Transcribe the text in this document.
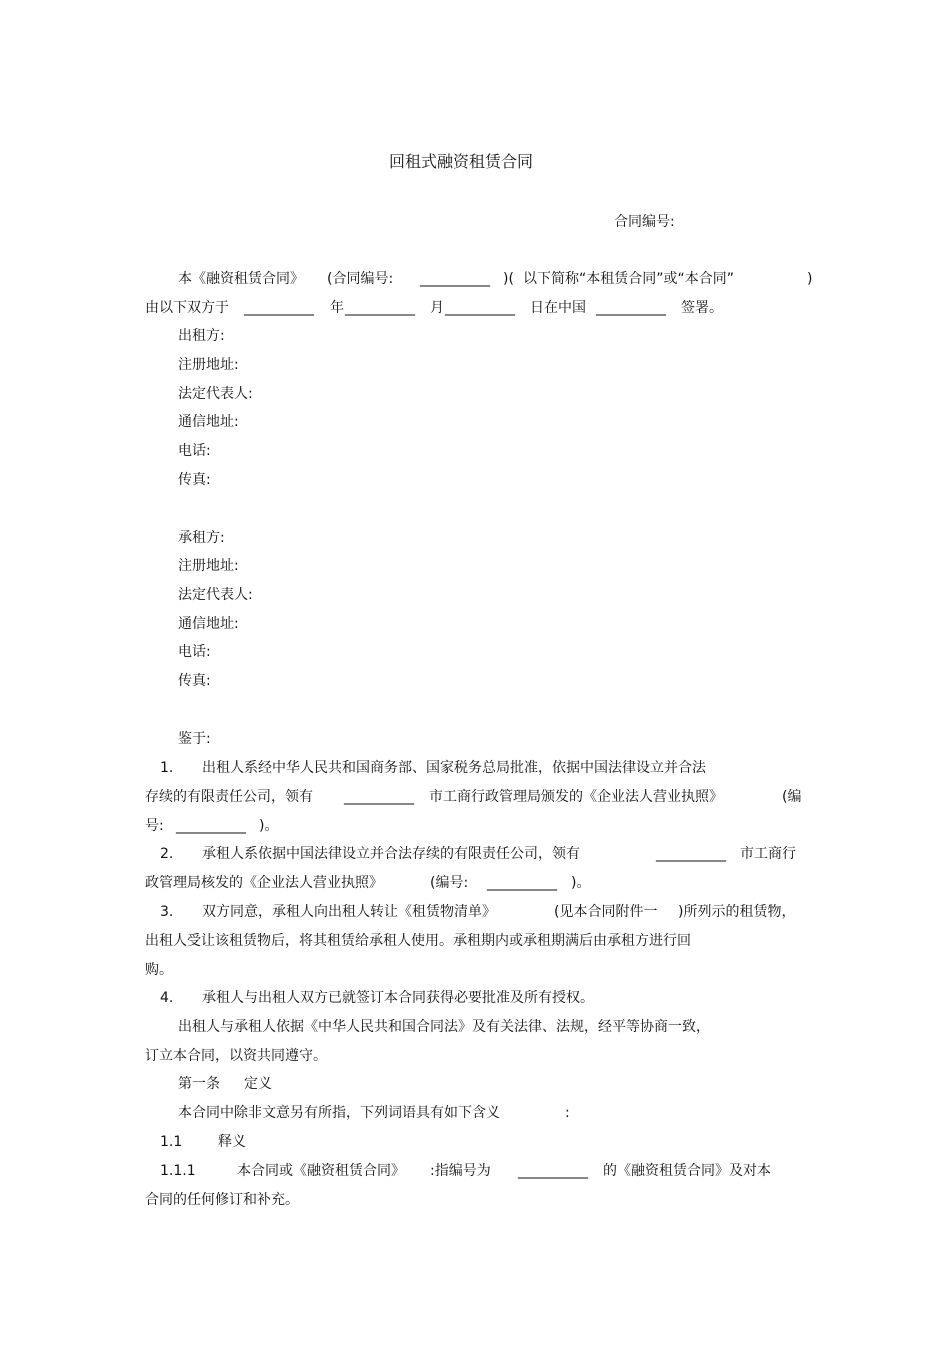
回租式融资租赁合同
合同编号:
本《融资租赁合同》 (合同编号: __________ )( 以下简称“本租赁合同”或“本合同”	)
由以下双方于 __________ 年 __________ 月 __________ 日在中国 __________ 签署。
出租方:
注册地址:
法定代表人:
通信地址:
电话:
传真:
承租方:
注册地址:
法定代表人:
通信地址:
电话:
传真:
鉴于:
1. 出租人系经中华人民共和国商务部、国家税务总局批准，依据中国法律设立并合法
存续的有限责任公司，领有 __________ 市工商行政管理局颁发的《企业法人营业执照》	(编
号: __________ )。
2. 承租人系依据中国法律设立并合法存续的有限责任公司，领有	__________ 市工商行
政管理局核发的《企业法人营业执照》	(编号: __________ )。
3. 双方同意，承租人向出租人转让《租赁物清单》	(见本合同附件一 )所列示的租赁物，
出租人受让该租赁物后，将其租赁给承租人使用。承租期内或承租期满后由承租方进行回
购。
4. 承租人与出租人双方已就签订本合同获得必要批准及所有授权。
出租人与承租人依据《中华人民共和国合同法》及有关法律、法规，经平等协商一致，
订立本合同，以资共同遵守。
第一条 定义
本合同中除非文意另有所指，下列词语具有如下含义	:
1.1	释义
1.1.1	本合同或《融资租赁合同》 :指编号为 __________ 的《融资租赁合同》及对本
合同的任何修订和补充。
